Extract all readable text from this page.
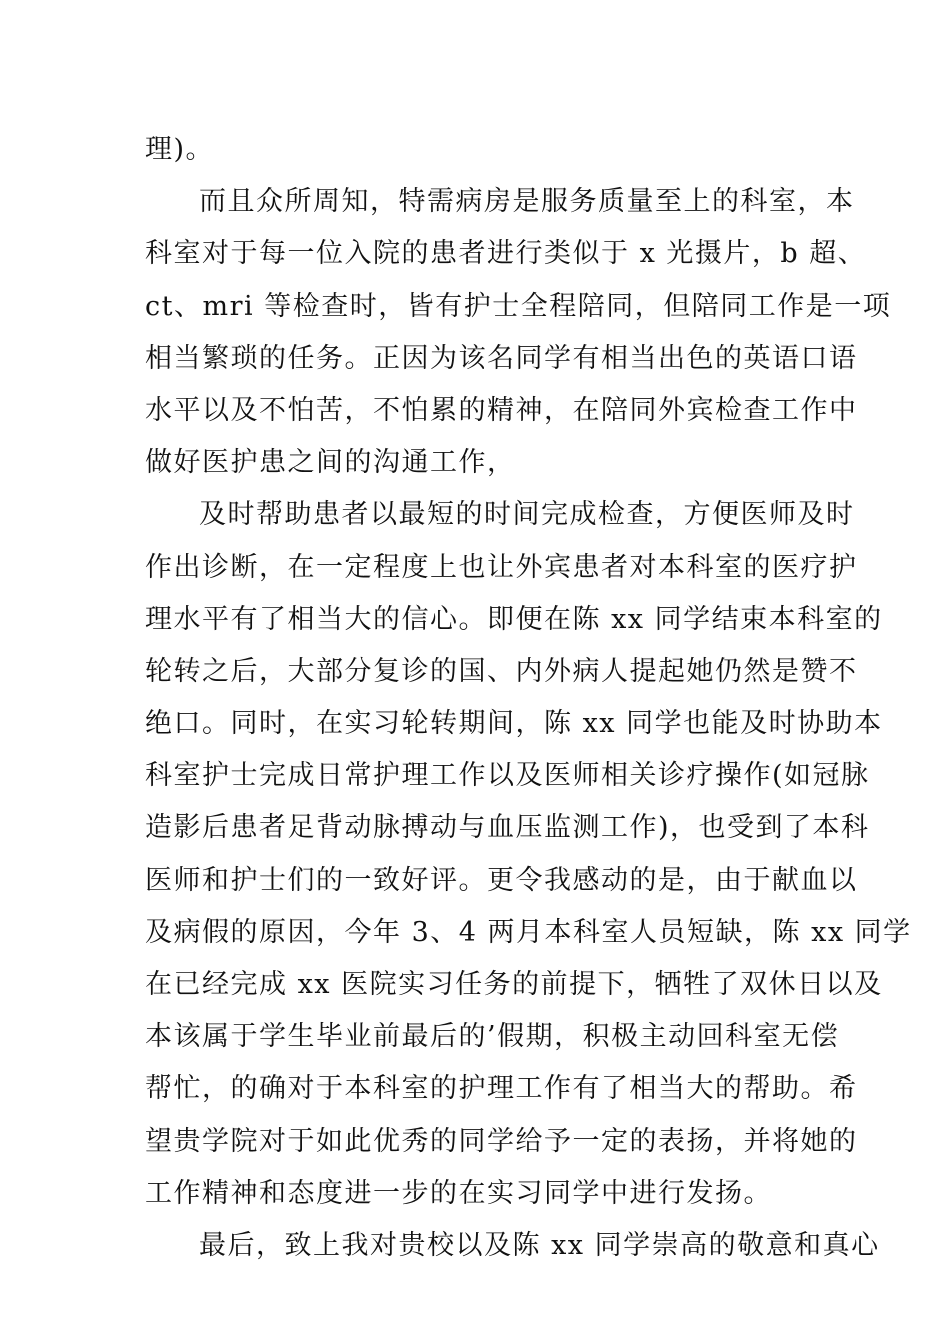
理)。
而且众所周知，特需病房是服务质量至上的科室，本
科室对于每一位入院的患者进行类似于 x 光摄片，b 超、
ct、mri 等检查时，皆有护士全程陪同，但陪同工作是一项
相当繁琐的任务。正因为该名同学有相当出色的英语口语
水平以及不怕苦，不怕累的精神，在陪同外宾检查工作中
做好医护患之间的沟通工作，
及时帮助患者以最短的时间完成检查，方便医师及时
作出诊断，在一定程度上也让外宾患者对本科室的医疗护
理水平有了相当大的信心。即便在陈 xx 同学结束本科室的
轮转之后，大部分复诊的国、内外病人提起她仍然是赞不
绝口。同时，在实习轮转期间，陈 xx 同学也能及时协助本
科室护士完成日常护理工作以及医师相关诊疗操作(如冠脉
造影后患者足背动脉搏动与血压监测工作)，也受到了本科
医师和护士们的一致好评。更令我感动的是，由于献血以
及病假的原因，今年 3、4 两月本科室人员短缺，陈 xx 同学
在已经完成 xx 医院实习任务的前提下，牺牲了双休日以及
本该属于学生毕业前最后的’假期，积极主动回科室无偿
帮忙，的确对于本科室的护理工作有了相当大的帮助。希
望贵学院对于如此优秀的同学给予一定的表扬，并将她的
工作精神和态度进一步的在实习同学中进行发扬。
最后，致上我对贵校以及陈 xx 同学崇高的敬意和真心
